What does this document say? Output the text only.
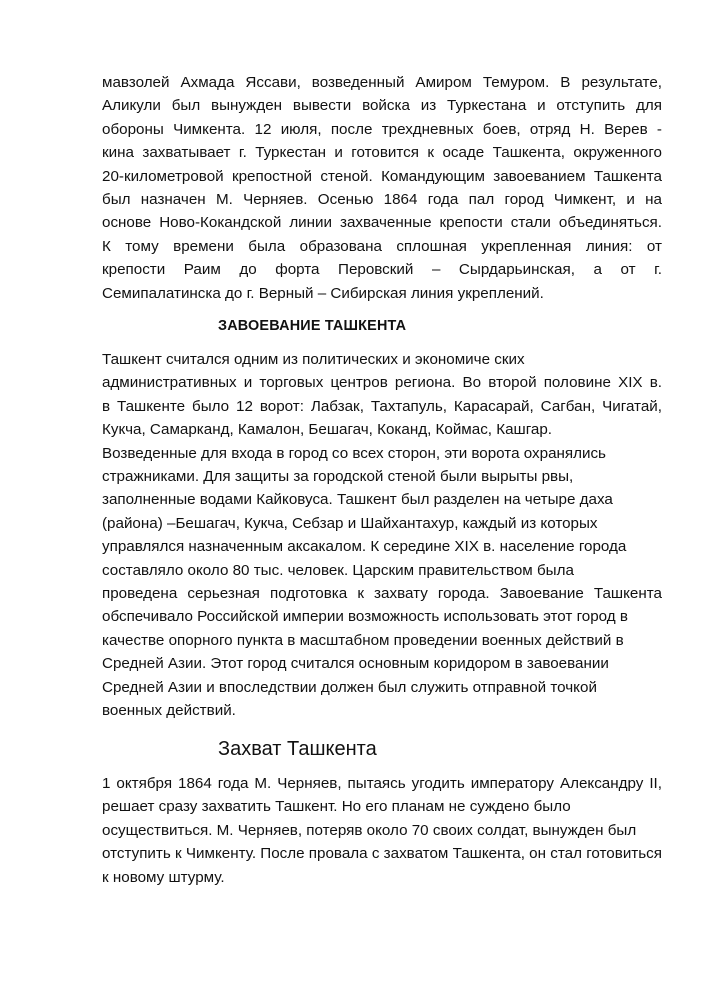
мавзолей Ахмада Яссави, возведенный Амиром Темуром. В результате,
Аликули был вынужден вывести войска из Туркестана и отступить для
обороны Чимкента. 12 июля, после трехдневных боев, отряд Н. Верев -
кина захватывает г. Туркестан и готовится к осаде Ташкента, окруженного
20-километровой крепостной стеной. Командующим завоеванием Ташкента
был назначен М. Черняев. Осенью 1864 года пал город Чимкент, и на
основе Ново-Кокандской линии захваченные крепости стали объединяться.
К тому времени была образована сплошная укрепленная линия: от
крепости Раим до форта Перовский – Сырдарьинская, а от г.
Семипалатинска до г. Верный – Сибирская линия укреплений.

ЗАВОЕВАНИЕ ТАШКЕНТА

Ташкент считался одним из политических и экономиче ских
административных и торговых центров региона. Во второй половине XIX в.
в Ташкенте было 12 ворот: Лабзак, Тахтапуль, Карасарай, Сагбан, Чигатай,
Кукча, Самарканд, Камалон, Бешагач, Коканд, Коймас, Кашгар.
Возведенные для входа в город со всех сторон, эти ворота охранялись
стражниками. Для защиты за городской стеной были вырыты рвы,
заполненные водами Кайковуса. Ташкент был разделен на четыре даха
(района) –Бешагач, Кукча, Себзар и Шайхантахур, каждый из которых
управлялся назначенным аксакалом. К середине XIX в. население города
составляло около 80 тыс. человек. Царским правительством была
проведена серьезная подготовка к захвату города. Завоевание Ташкента
обспечивало Российской империи возможность использовать этот город в
качестве опорного пункта в масштабном проведении военных действий в
Средней Азии. Этот город считался основным коридором в завоевании
Средней Азии и впоследствии должен был служить отправной точкой
военных действий.

Захват Ташкента

1 октября 1864 года М. Черняев, пытаясь угодить императору Александру II,
решает сразу захватить Ташкент. Но его планам не суждено было
осуществиться. М. Черняев, потеряв около 70 своих солдат, вынужден был
отступить к Чимкенту. После провала с захватом Ташкента, он стал готовиться
к новому штурму.
